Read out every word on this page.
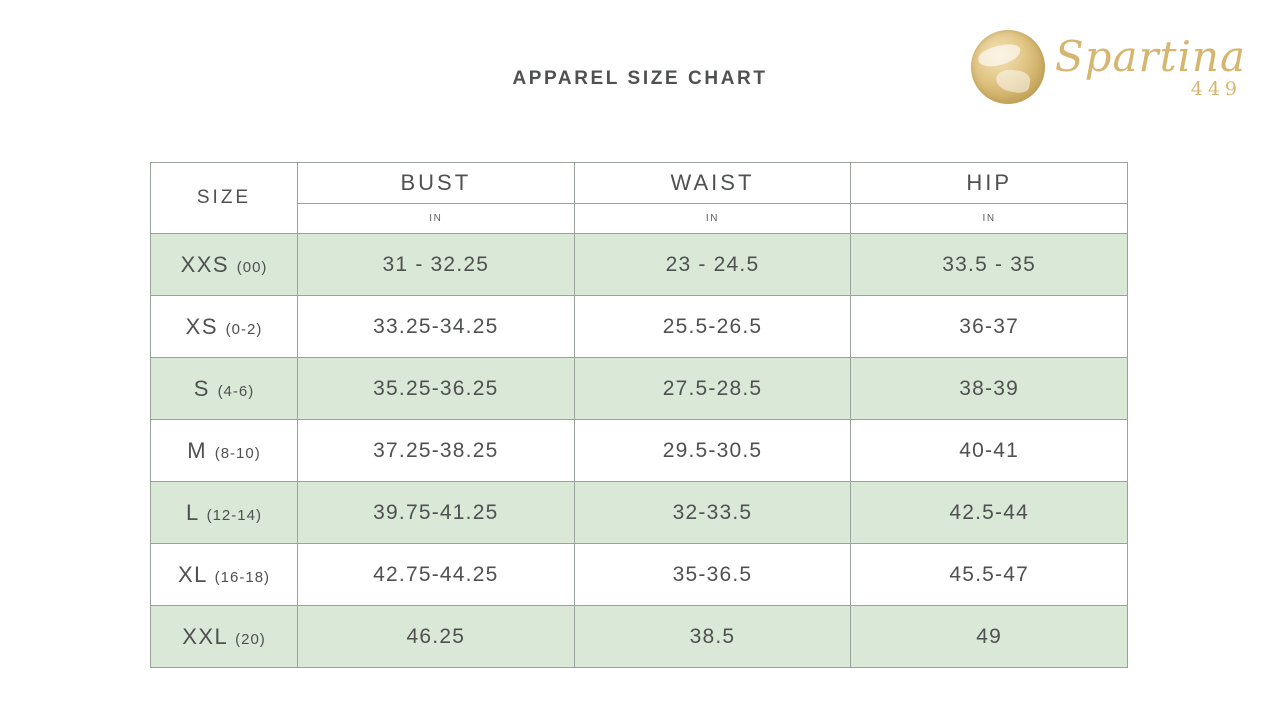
APPAREL SIZE CHART	Spartina
449
SIZE	BUST	WAIST	HIP
	IN	IN	IN
XXS (00)	31 - 32.25	23 - 24.5	33.5 - 35
XS (0-2)	33.25-34.25	25.5-26.5	36-37
S (4-6)	35.25-36.25	27.5-28.5	38-39
M (8-10)	37.25-38.25	29.5-30.5	40-41
L (12-14)	39.75-41.25	32-33.5	42.5-44
XL (16-18)	42.75-44.25	35-36.5	45.5-47
XXL (20)	46.25	38.5	49
